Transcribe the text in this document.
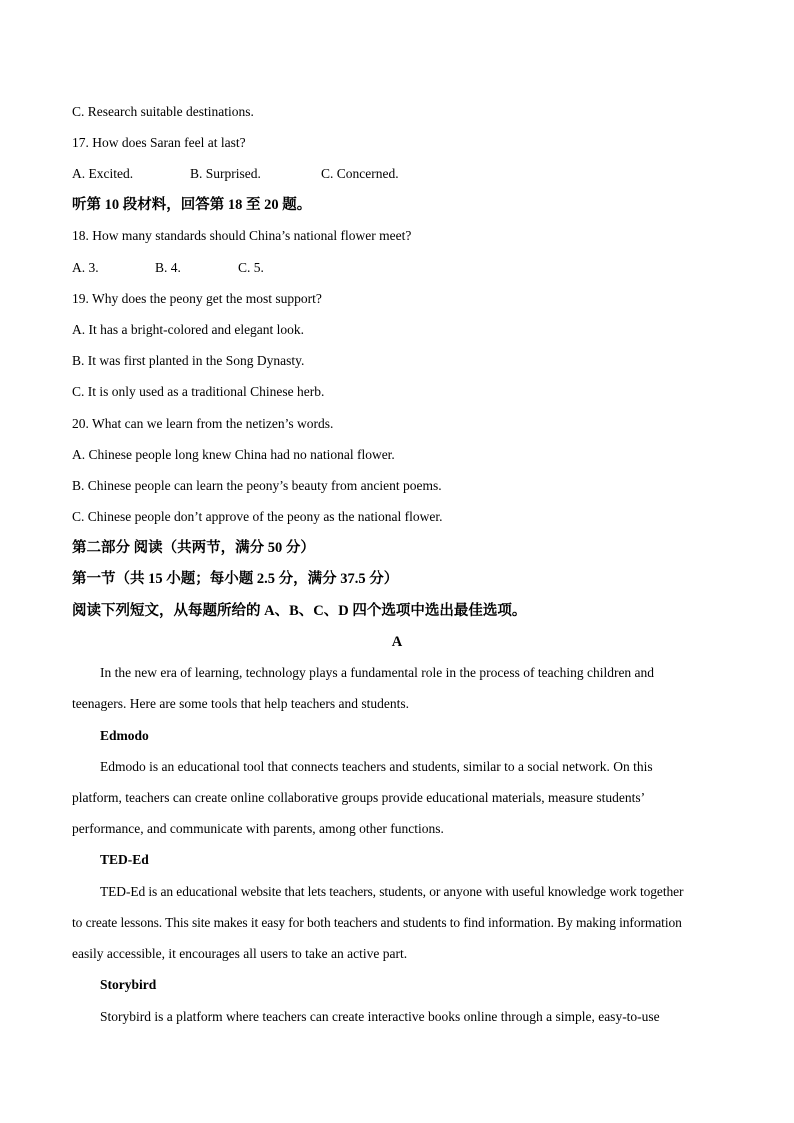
C. Research suitable destinations.
17. How does Saran feel at last?
A. Excited.	B. Surprised.	C. Concerned.
听第 10 段材料，回答第 18 至 20 题。
18. How many standards should China’s national flower meet?
A. 3.	B. 4.	C. 5.
19. Why does the peony get the most support?
A. It has a bright-colored and elegant look.
B. It was first planted in the Song Dynasty.
C. It is only used as a traditional Chinese herb.
20. What can we learn from the netizen’s words.
A. Chinese people long knew China had no national flower.
B. Chinese people can learn the peony’s beauty from ancient poems.
C. Chinese people don’t approve of the peony as the national flower.
第二部分 阅读（共两节，满分 50 分）
第一节（共 15 小题；每小题 2.5 分，满分 37.5 分）
阅读下列短文，从每题所给的 A、B、C、D 四个选项中选出最佳选项。
A
In the new era of learning, technology plays a fundamental role in the process of teaching children and
teenagers. Here are some tools that help teachers and students.
Edmodo
Edmodo is an educational tool that connects teachers and students, similar to a social network. On this
platform, teachers can create online collaborative groups provide educational materials, measure students’
performance, and communicate with parents, among other functions.
TED-Ed
TED-Ed is an educational website that lets teachers, students, or anyone with useful knowledge work together
to create lessons. This site makes it easy for both teachers and students to find information. By making information
easily accessible, it encourages all users to take an active part.
Storybird
Storybird is a platform where teachers can create interactive books online through a simple, easy-to-use
